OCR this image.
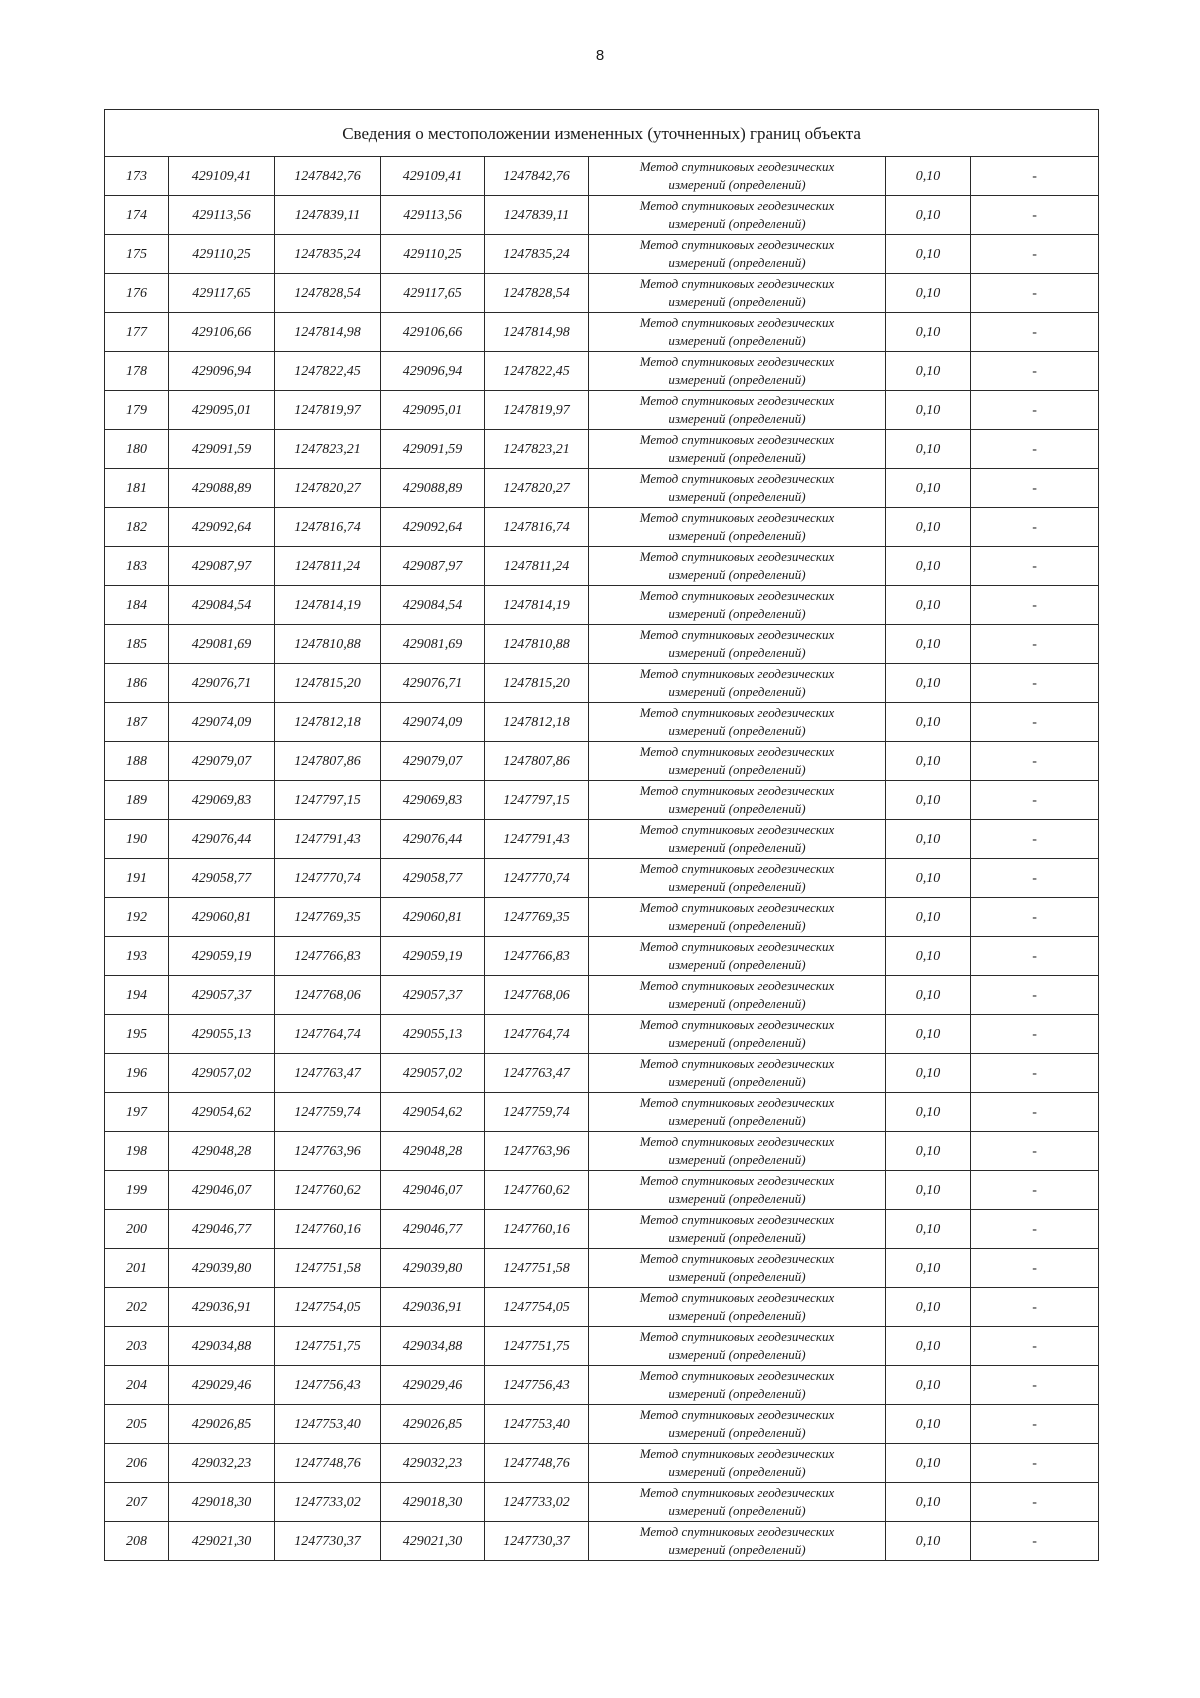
8
Сведения о местоположении измененных (уточненных) границ объекта							
173	429109,41	1247842,76	429109,41	1247842,76	Метод спутниковых геодезических
измерений (определений)	0,10	-
174	429113,56	1247839,11	429113,56	1247839,11	Метод спутниковых геодезических
измерений (определений)	0,10	-
175	429110,25	1247835,24	429110,25	1247835,24	Метод спутниковых геодезических
измерений (определений)	0,10	-
176	429117,65	1247828,54	429117,65	1247828,54	Метод спутниковых геодезических
измерений (определений)	0,10	-
177	429106,66	1247814,98	429106,66	1247814,98	Метод спутниковых геодезических
измерений (определений)	0,10	-
178	429096,94	1247822,45	429096,94	1247822,45	Метод спутниковых геодезических
измерений (определений)	0,10	-
179	429095,01	1247819,97	429095,01	1247819,97	Метод спутниковых геодезических
измерений (определений)	0,10	-
180	429091,59	1247823,21	429091,59	1247823,21	Метод спутниковых геодезических
измерений (определений)	0,10	-
181	429088,89	1247820,27	429088,89	1247820,27	Метод спутниковых геодезических
измерений (определений)	0,10	-
182	429092,64	1247816,74	429092,64	1247816,74	Метод спутниковых геодезических
измерений (определений)	0,10	-
183	429087,97	1247811,24	429087,97	1247811,24	Метод спутниковых геодезических
измерений (определений)	0,10	-
184	429084,54	1247814,19	429084,54	1247814,19	Метод спутниковых геодезических
измерений (определений)	0,10	-
185	429081,69	1247810,88	429081,69	1247810,88	Метод спутниковых геодезических
измерений (определений)	0,10	-
186	429076,71	1247815,20	429076,71	1247815,20	Метод спутниковых геодезических
измерений (определений)	0,10	-
187	429074,09	1247812,18	429074,09	1247812,18	Метод спутниковых геодезических
измерений (определений)	0,10	-
188	429079,07	1247807,86	429079,07	1247807,86	Метод спутниковых геодезических
измерений (определений)	0,10	-
189	429069,83	1247797,15	429069,83	1247797,15	Метод спутниковых геодезических
измерений (определений)	0,10	-
190	429076,44	1247791,43	429076,44	1247791,43	Метод спутниковых геодезических
измерений (определений)	0,10	-
191	429058,77	1247770,74	429058,77	1247770,74	Метод спутниковых геодезических
измерений (определений)	0,10	-
192	429060,81	1247769,35	429060,81	1247769,35	Метод спутниковых геодезических
измерений (определений)	0,10	-
193	429059,19	1247766,83	429059,19	1247766,83	Метод спутниковых геодезических
измерений (определений)	0,10	-
194	429057,37	1247768,06	429057,37	1247768,06	Метод спутниковых геодезических
измерений (определений)	0,10	-
195	429055,13	1247764,74	429055,13	1247764,74	Метод спутниковых геодезических
измерений (определений)	0,10	-
196	429057,02	1247763,47	429057,02	1247763,47	Метод спутниковых геодезических
измерений (определений)	0,10	-
197	429054,62	1247759,74	429054,62	1247759,74	Метод спутниковых геодезических
измерений (определений)	0,10	-
198	429048,28	1247763,96	429048,28	1247763,96	Метод спутниковых геодезических
измерений (определений)	0,10	-
199	429046,07	1247760,62	429046,07	1247760,62	Метод спутниковых геодезических
измерений (определений)	0,10	-
200	429046,77	1247760,16	429046,77	1247760,16	Метод спутниковых геодезических
измерений (определений)	0,10	-
201	429039,80	1247751,58	429039,80	1247751,58	Метод спутниковых геодезических
измерений (определений)	0,10	-
202	429036,91	1247754,05	429036,91	1247754,05	Метод спутниковых геодезических
измерений (определений)	0,10	-
203	429034,88	1247751,75	429034,88	1247751,75	Метод спутниковых геодезических
измерений (определений)	0,10	-
204	429029,46	1247756,43	429029,46	1247756,43	Метод спутниковых геодезических
измерений (определений)	0,10	-
205	429026,85	1247753,40	429026,85	1247753,40	Метод спутниковых геодезических
измерений (определений)	0,10	-
206	429032,23	1247748,76	429032,23	1247748,76	Метод спутниковых геодезических
измерений (определений)	0,10	-
207	429018,30	1247733,02	429018,30	1247733,02	Метод спутниковых геодезических
измерений (определений)	0,10	-
208	429021,30	1247730,37	429021,30	1247730,37	Метод спутниковых геодезических
измерений (определений)	0,10	-
